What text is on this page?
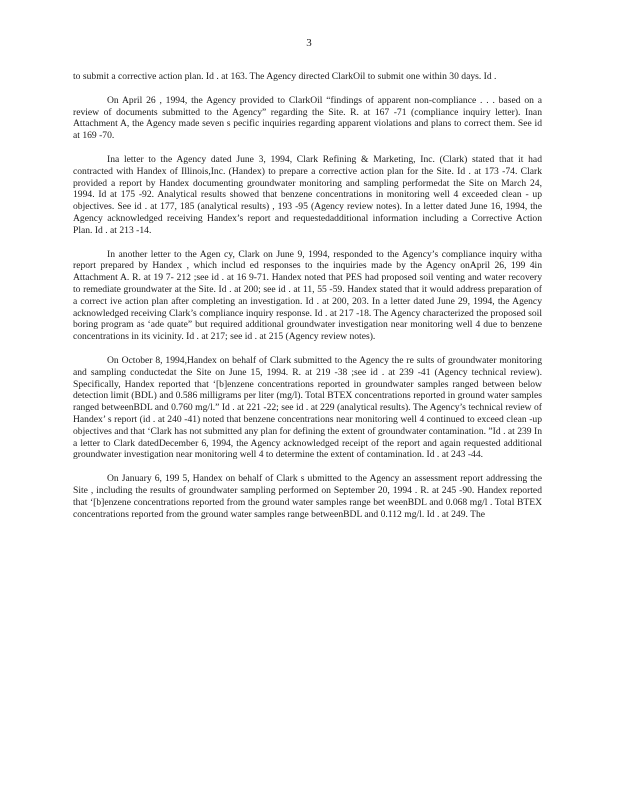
3

to submit a corrective action plan. Id . at 163. The Agency directed ClarkOil to submit one within 30 days. Id .

On April 26 , 1994, the Agency provided to ClarkOil “findings of apparent non-compliance . . . based on a review of documents submitted to the Agency” regarding the Site. R. at 167 -71 (compliance inquiry letter). Inan Attachment A, the Agency made seven s pecific inquiries regarding apparent violations and plans to correct them. See id at 169 -70.

Ina letter to the Agency dated June 3, 1994, Clark Refining & Marketing, Inc. (Clark) stated that it had contracted with Handex of Illinois,Inc. (Handex) to prepare a corrective action plan for the Site. Id . at 173 -74. Clark provided a report by Handex documenting groundwater monitoring and sampling performedat the Site on March 24, 1994. Id at 175 -92. Analytical results showed that benzene concentrations in monitoring well 4 exceeded clean - up objectives. See id . at 177, 185 (analytical results) , 193 -95 (Agency review notes). In a letter dated June 16, 1994, the Agency acknowledged receiving Handex’s report and requestedadditional information including a Corrective Action Plan. Id . at 213 -14.

In another letter to the Agen cy, Clark on June 9, 1994, responded to the Agency’s compliance inquiry witha report prepared by Handex , which includ ed responses to the inquiries made by the Agency onApril 26, 199 4in Attachment A. R. at 19 7- 212 ;see id . at 16 9-71. Handex noted that PES had proposed soil venting and water recovery to remediate groundwater at the Site. Id . at 200; see id . at 11, 55 -59. Handex stated that it would address preparation of a correct ive action plan after completing an investigation. Id . at 200, 203. In a letter dated June 29, 1994, the Agency acknowledged receiving Clark’s compliance inquiry response. Id . at 217 -18. The Agency characterized the proposed soil boring program as ‘ade quate” but required additional groundwater investigation near monitoring well 4 due to benzene concentrations in its vicinity. Id . at 217; see id . at 215 (Agency review notes).

On October 8, 1994,Handex on behalf of Clark submitted to the Agency the re sults of groundwater monitoring and sampling conductedat the Site on June 15, 1994. R. at 219 -38 ;see id . at 239 -41 (Agency technical review). Specifically, Handex reported that ‘[b]enzene concentrations reported in groundwater samples ranged between below detection limit (BDL) and 0.586 milligrams per liter (mg/l). Total BTEX concentrations reported in ground water samples ranged betweenBDL and 0.760 mg/l.” Id . at 221 -22; see id . at 229 (analytical results). The Agency’s technical review of Handex’ s report (id . at 240 -41) noted that benzene concentrations near monitoring well 4 continued to exceed clean -up objectives and that ‘Clark has not submitted any plan for defining the extent of groundwater contamination. ”Id . at 239 In a letter to Clark datedDecember 6, 1994, the Agency acknowledged receipt of the report and again requested additional groundwater investigation near monitoring well 4 to determine the extent of contamination. Id . at 243 -44.

On January 6, 199 5, Handex on behalf of Clark s ubmitted to the Agency an assessment report addressing the Site , including the results of groundwater sampling performed on September 20, 1994 . R. at 245 -90. Handex reported that ‘[b]enzene concentrations reported from the ground water samples range bet weenBDL and 0.068 mg/l . Total BTEX concentrations reported from the ground water samples range betweenBDL and 0.112 mg/l. Id . at 249. The
